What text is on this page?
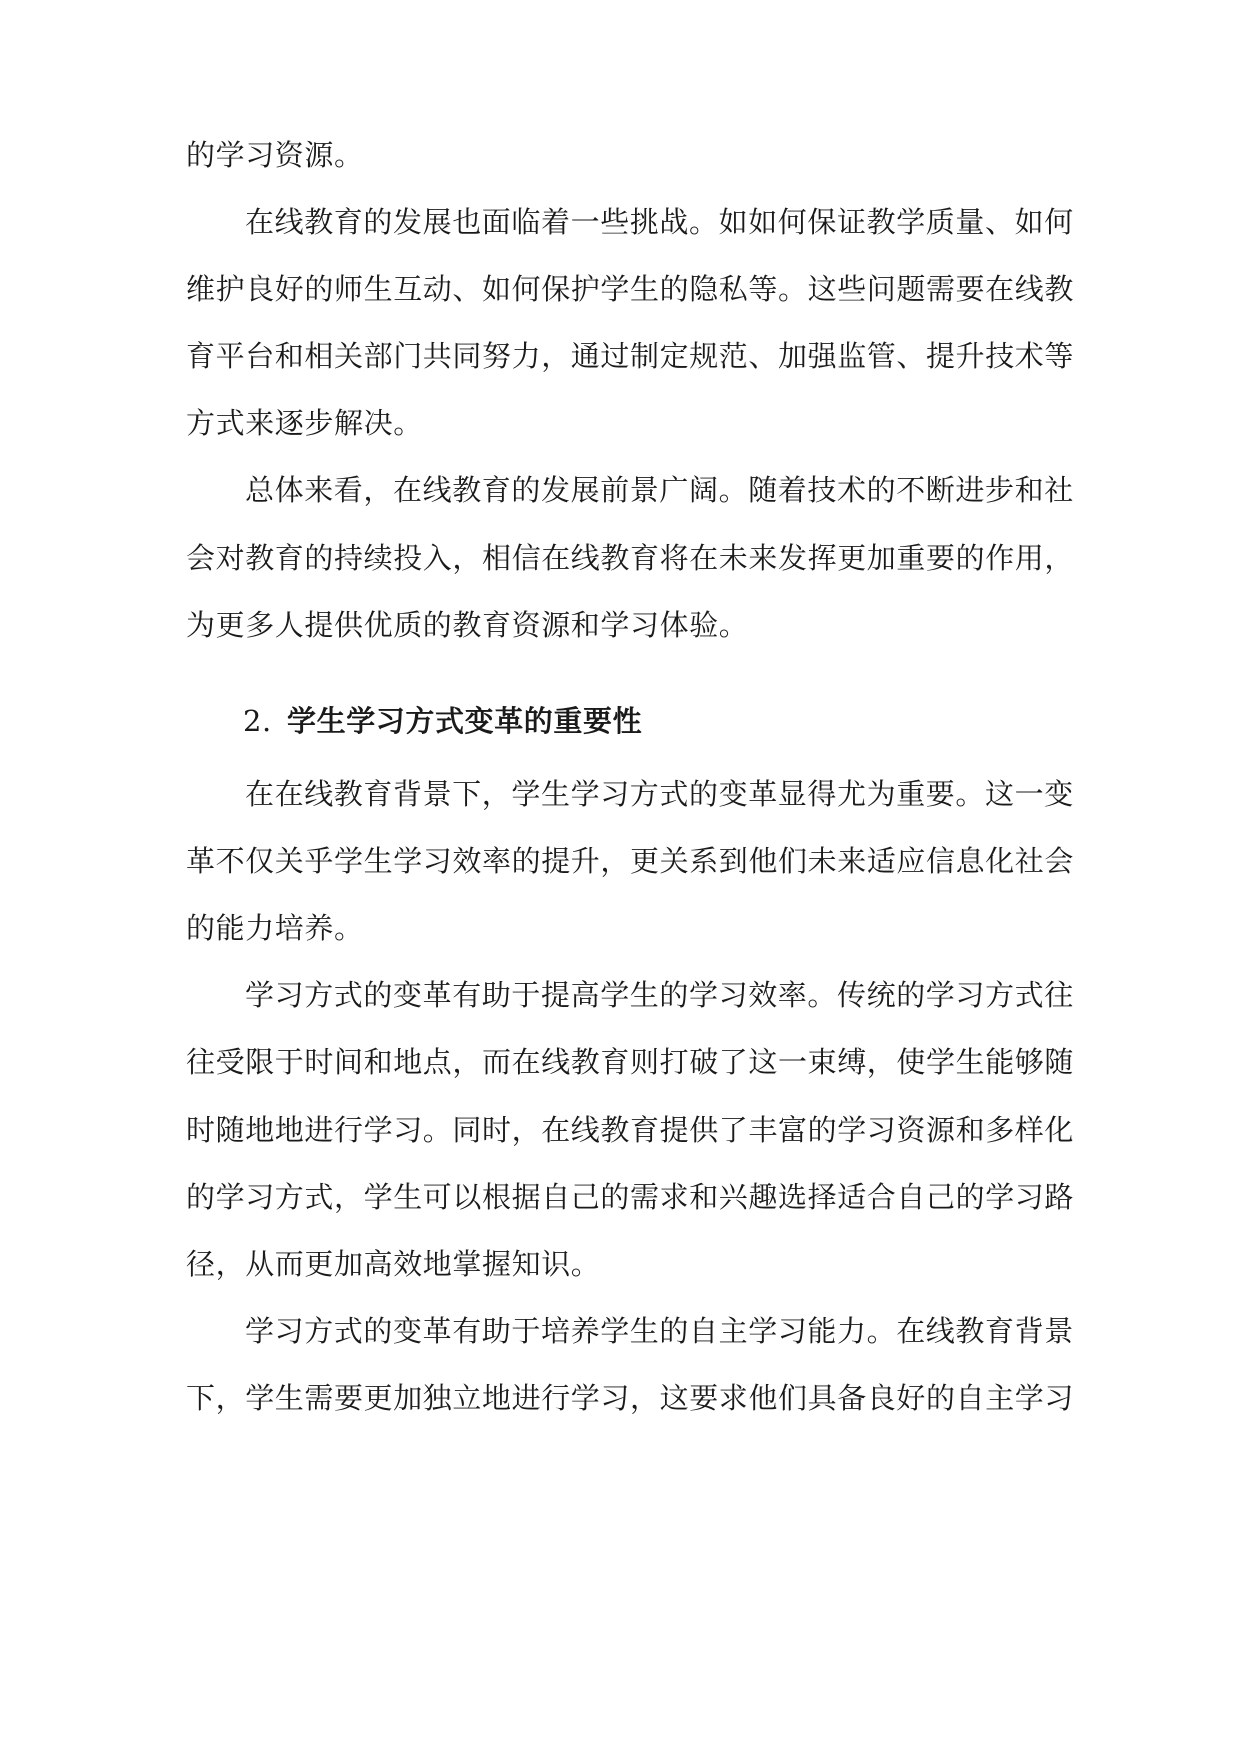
的学习资源。
在线教育的发展也面临着一些挑战。如如何保证教学质量、如何
维护良好的师生互动、如何保护学生的隐私等。这些问题需要在线教
育平台和相关部门共同努力，通过制定规范、加强监管、提升技术等
方式来逐步解决。
总体来看，在线教育的发展前景广阔。随着技术的不断进步和社
会对教育的持续投入，相信在线教育将在未来发挥更加重要的作用，
为更多人提供优质的教育资源和学习体验。
2. 学生学习方式变革的重要性
在在线教育背景下，学生学习方式的变革显得尤为重要。这一变
革不仅关乎学生学习效率的提升，更关系到他们未来适应信息化社会
的能力培养。
学习方式的变革有助于提高学生的学习效率。传统的学习方式往
往受限于时间和地点，而在线教育则打破了这一束缚，使学生能够随
时随地地进行学习。同时，在线教育提供了丰富的学习资源和多样化
的学习方式，学生可以根据自己的需求和兴趣选择适合自己的学习路
径，从而更加高效地掌握知识。
学习方式的变革有助于培养学生的自主学习能力。在线教育背景
下，学生需要更加独立地进行学习，这要求他们具备良好的自主学习
